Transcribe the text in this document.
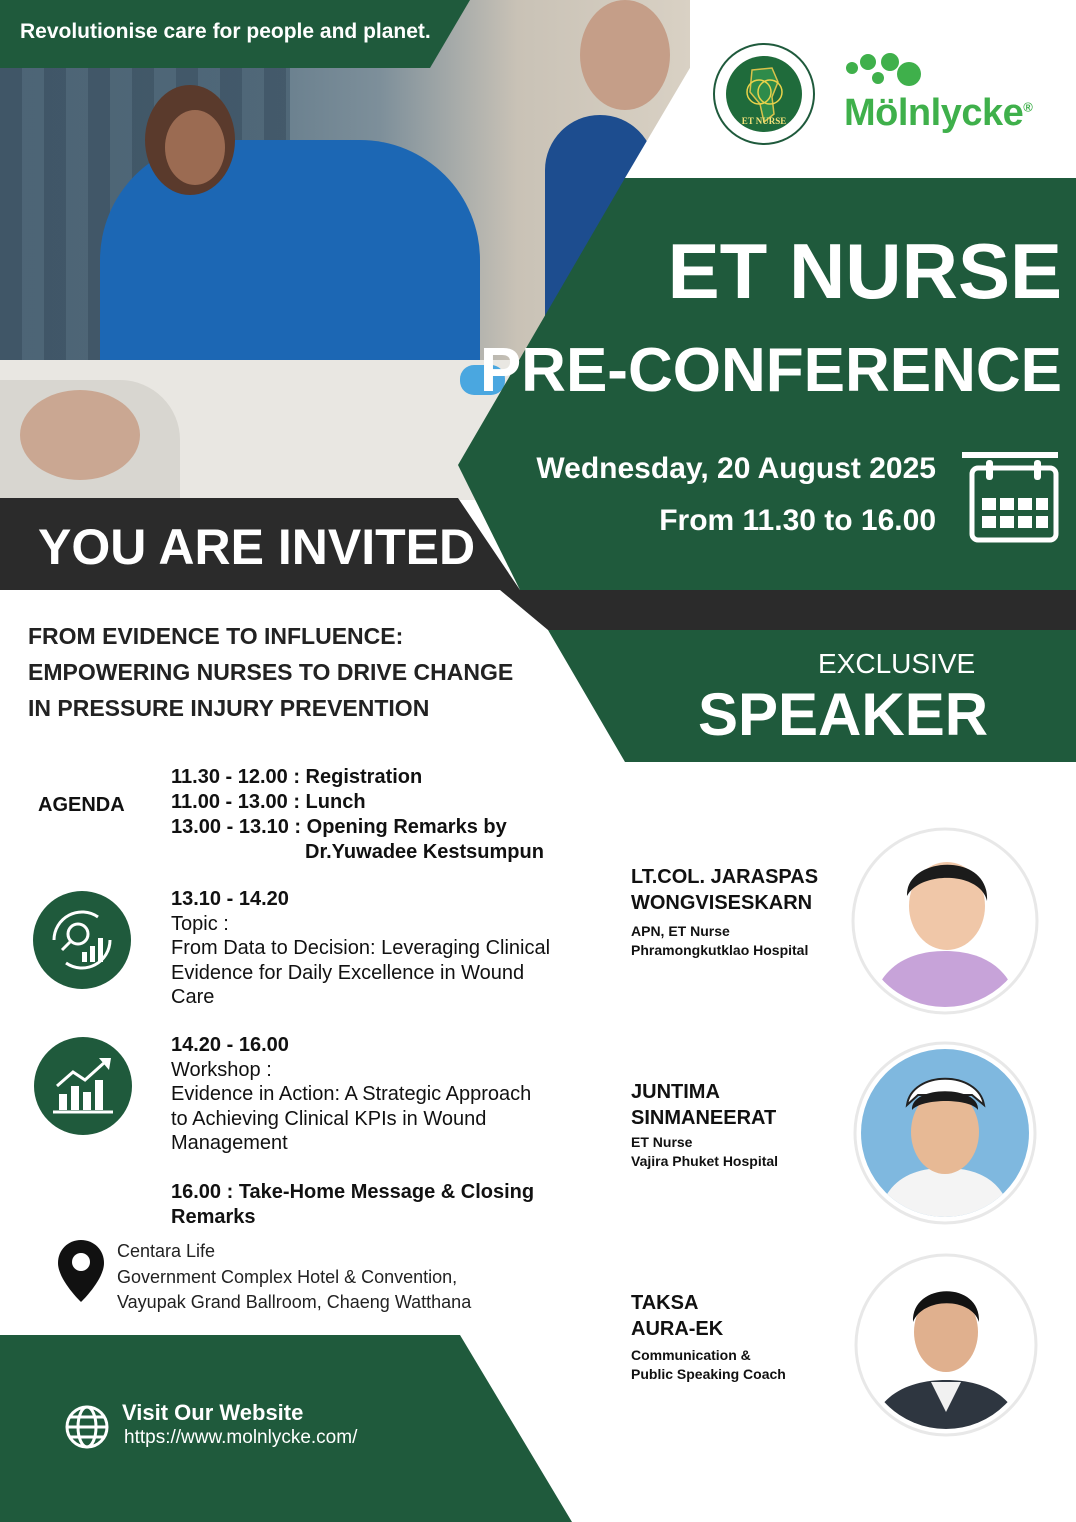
Revolutionise care for people and planet.
ET NURSE	Mölnlycke®
ET NURSE
PRE-CONFERENCE
Wednesday, 20 August 2025
From 11.30 to 16.00
YOU ARE INVITED
FROM EVIDENCE TO INFLUENCE:
EMPOWERING NURSES TO DRIVE CHANGE
IN PRESSURE INJURY PREVENTION
EXCLUSIVE
SPEAKER
AGENDA
11.30 - 12.00 : Registration
11.00 - 13.00 : Lunch
13.00 - 13.10 : Opening Remarks by
Dr.Yuwadee Kestsumpun
13.10 - 14.20
Topic :
From Data to Decision: Leveraging Clinical
Evidence for Daily Excellence in Wound
Care
14.20 - 16.00
Workshop :
Evidence in Action: A Strategic Approach
to Achieving Clinical KPIs in Wound
Management
16.00 : Take-Home Message & Closing
Remarks
Centara Life
Government Complex Hotel & Convention,
Vayupak Grand Ballroom, Chaeng Watthana
Visit Our Website
https://www.molnlycke.com/
LT.COL. JARASPAS
WONGVISESKARN
APN, ET Nurse
Phramongkutklao Hospital
JUNTIMA
SINMANEERAT
ET Nurse
Vajira Phuket Hospital
TAKSA
AURA-EK
Communication &
Public Speaking Coach
